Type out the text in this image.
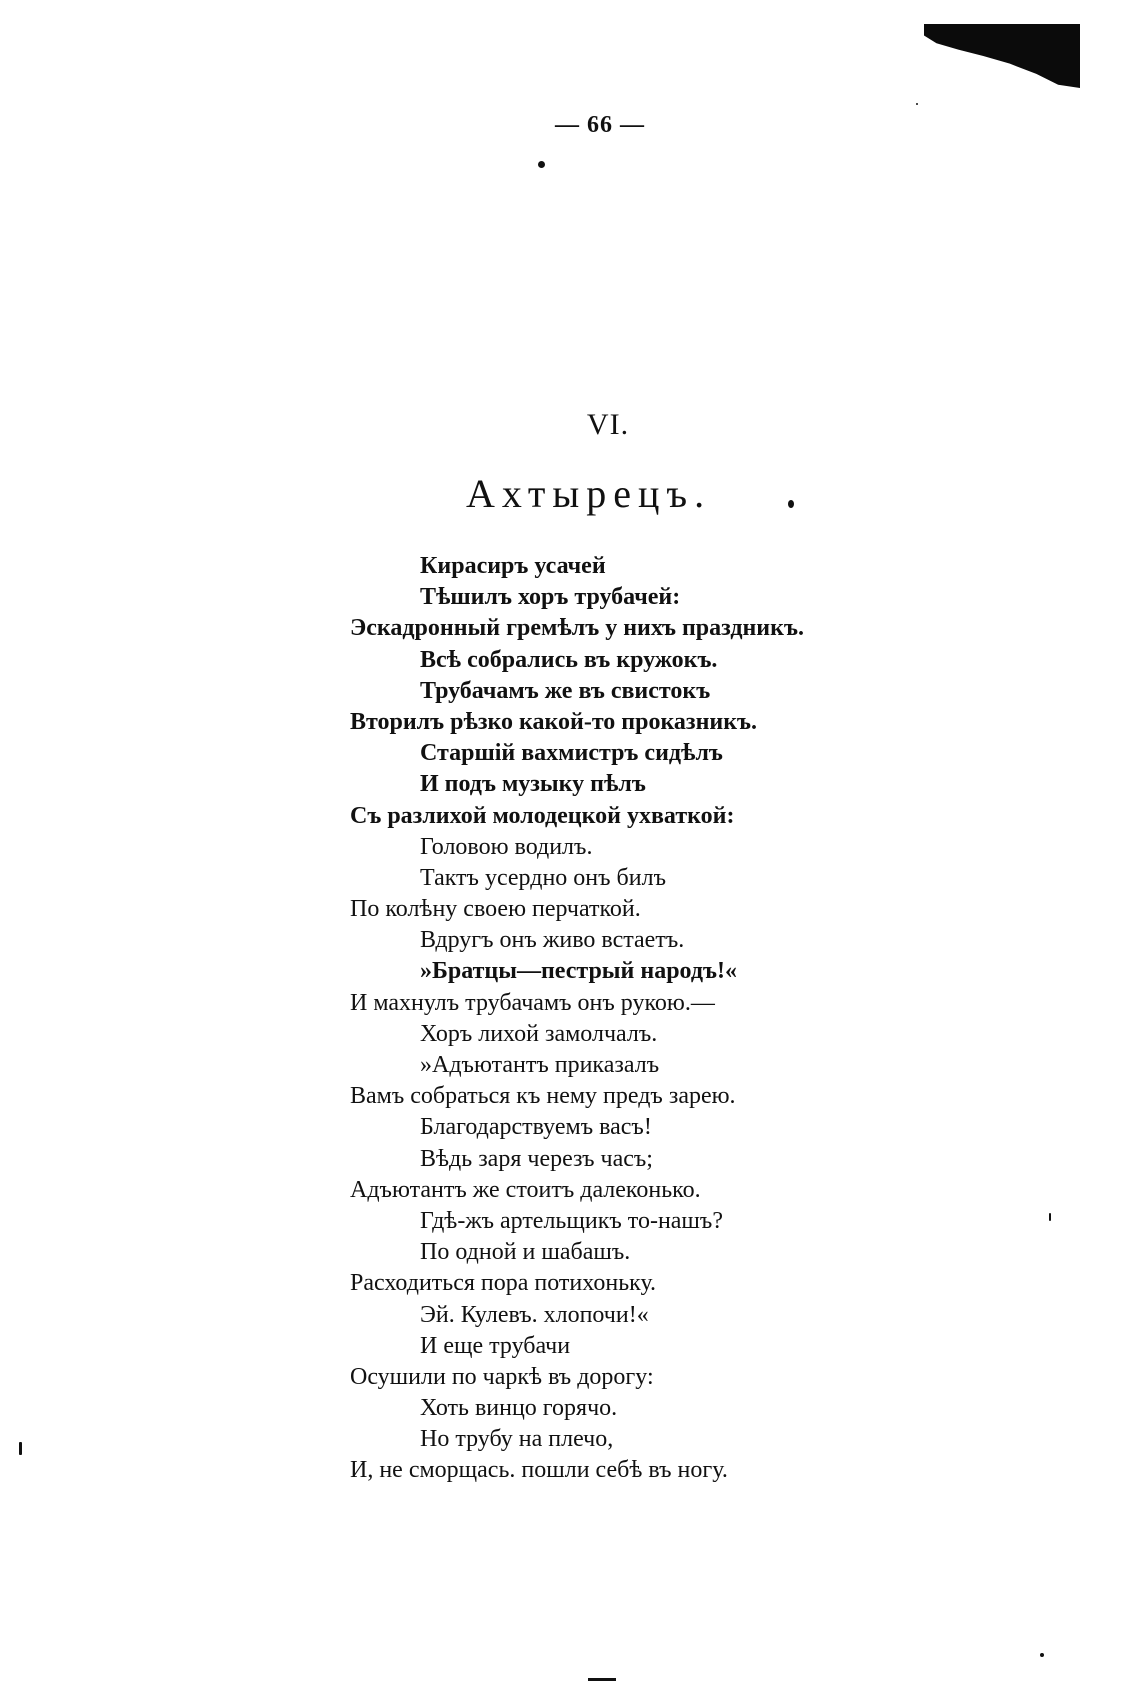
— 66 —
VI.
Ахтырецъ.
Кирасиръ усачей
Тѣшилъ хоръ трубачей:
Эскадронный гремѣлъ у нихъ праздникъ.
Всѣ собрались въ кружокъ.
Трубачамъ же въ свистокъ
Вторилъ рѣзко какой-то проказникъ.
Старшій вахмистръ сидѣлъ
И подъ музыку пѣлъ
Съ разлихой молодецкой ухваткой:
Головою водилъ.
Тактъ усердно онъ билъ
По колѣну своею перчаткой.
Вдругъ онъ живо встаетъ.
»Братцы—пестрый народъ!«
И махнулъ трубачамъ онъ рукою.—
Хоръ лихой замолчалъ.
»Адъютантъ приказалъ
Вамъ собраться къ нему предъ зарею.
Благодарствуемъ васъ!
Вѣдь заря черезъ часъ;
Адъютантъ же стоитъ далеконько.
Гдѣ-жъ артельщикъ то-нашъ?
По одной и шабашъ.
Расходиться пора потихоньку.
Эй. Кулевъ. хлопочи!«
И еще трубачи
Осушили по чаркѣ въ дорогу:
Хоть винцо горячо.
Но трубу на плечо,
И, не сморщась. пошли себѣ въ ногу.
